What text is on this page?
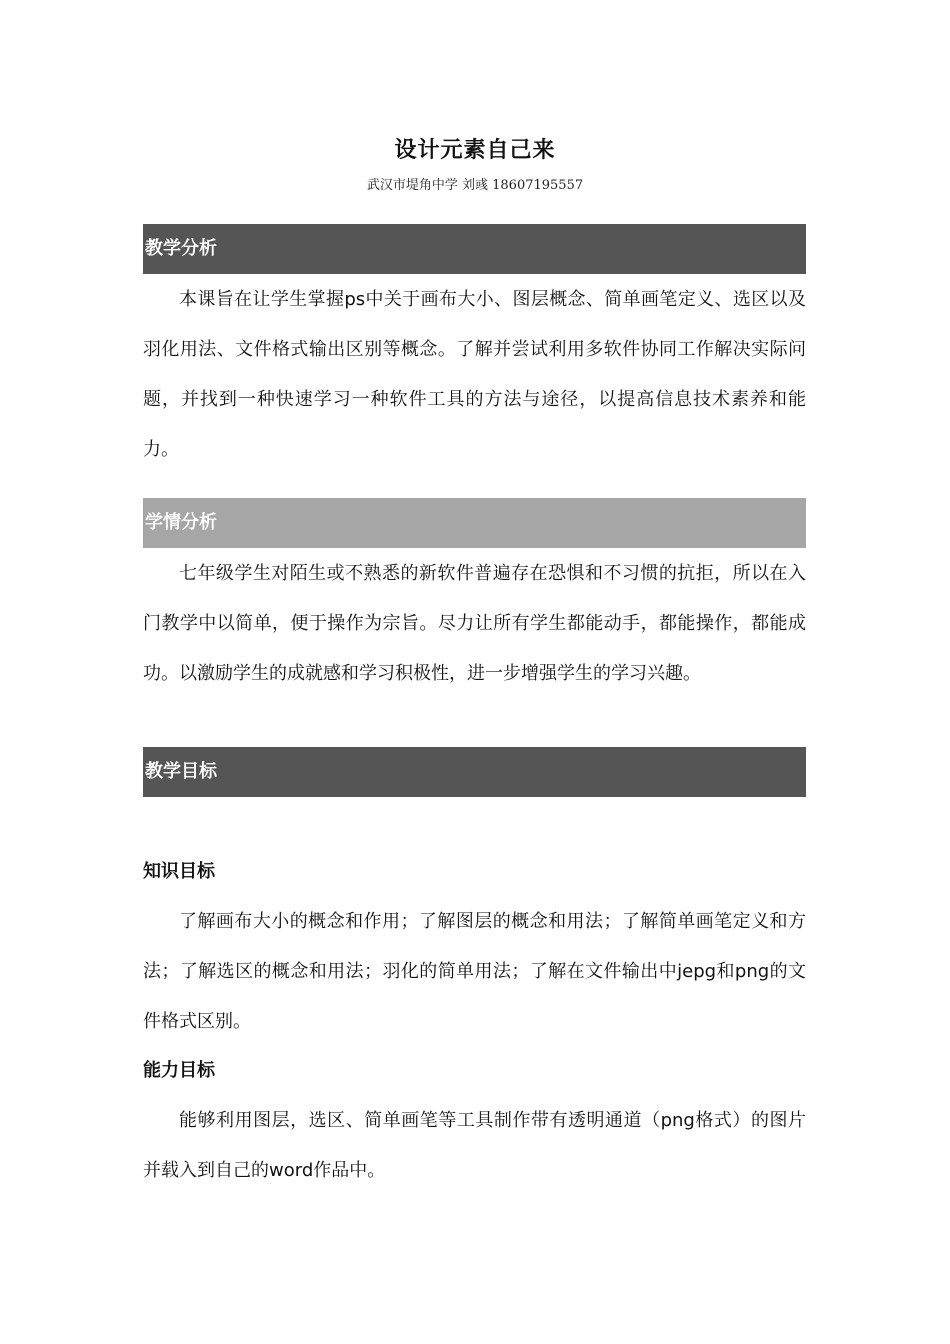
设计元素自己来
武汉市堤角中学 刘彧 18607195557
教学分析
本课旨在让学生掌握ps中关于画布大小、图层概念、简单画笔定义、选区以及羽化用法、文件格式输出区别等概念。了解并尝试利用多软件协同工作解决实际问题，并找到一种快速学习一种软件工具的方法与途径，以提高信息技术素养和能力。
学情分析
七年级学生对陌生或不熟悉的新软件普遍存在恐惧和不习惯的抗拒，所以在入门教学中以简单，便于操作为宗旨。尽力让所有学生都能动手，都能操作，都能成功。以激励学生的成就感和学习积极性，进一步增强学生的学习兴趣。
教学目标
知识目标
了解画布大小的概念和作用；了解图层的概念和用法；了解简单画笔定义和方法；了解选区的概念和用法；羽化的简单用法；了解在文件输出中jepg和png的文件格式区别。
能力目标
能够利用图层，选区、简单画笔等工具制作带有透明通道（png格式）的图片并载入到自己的word作品中。
